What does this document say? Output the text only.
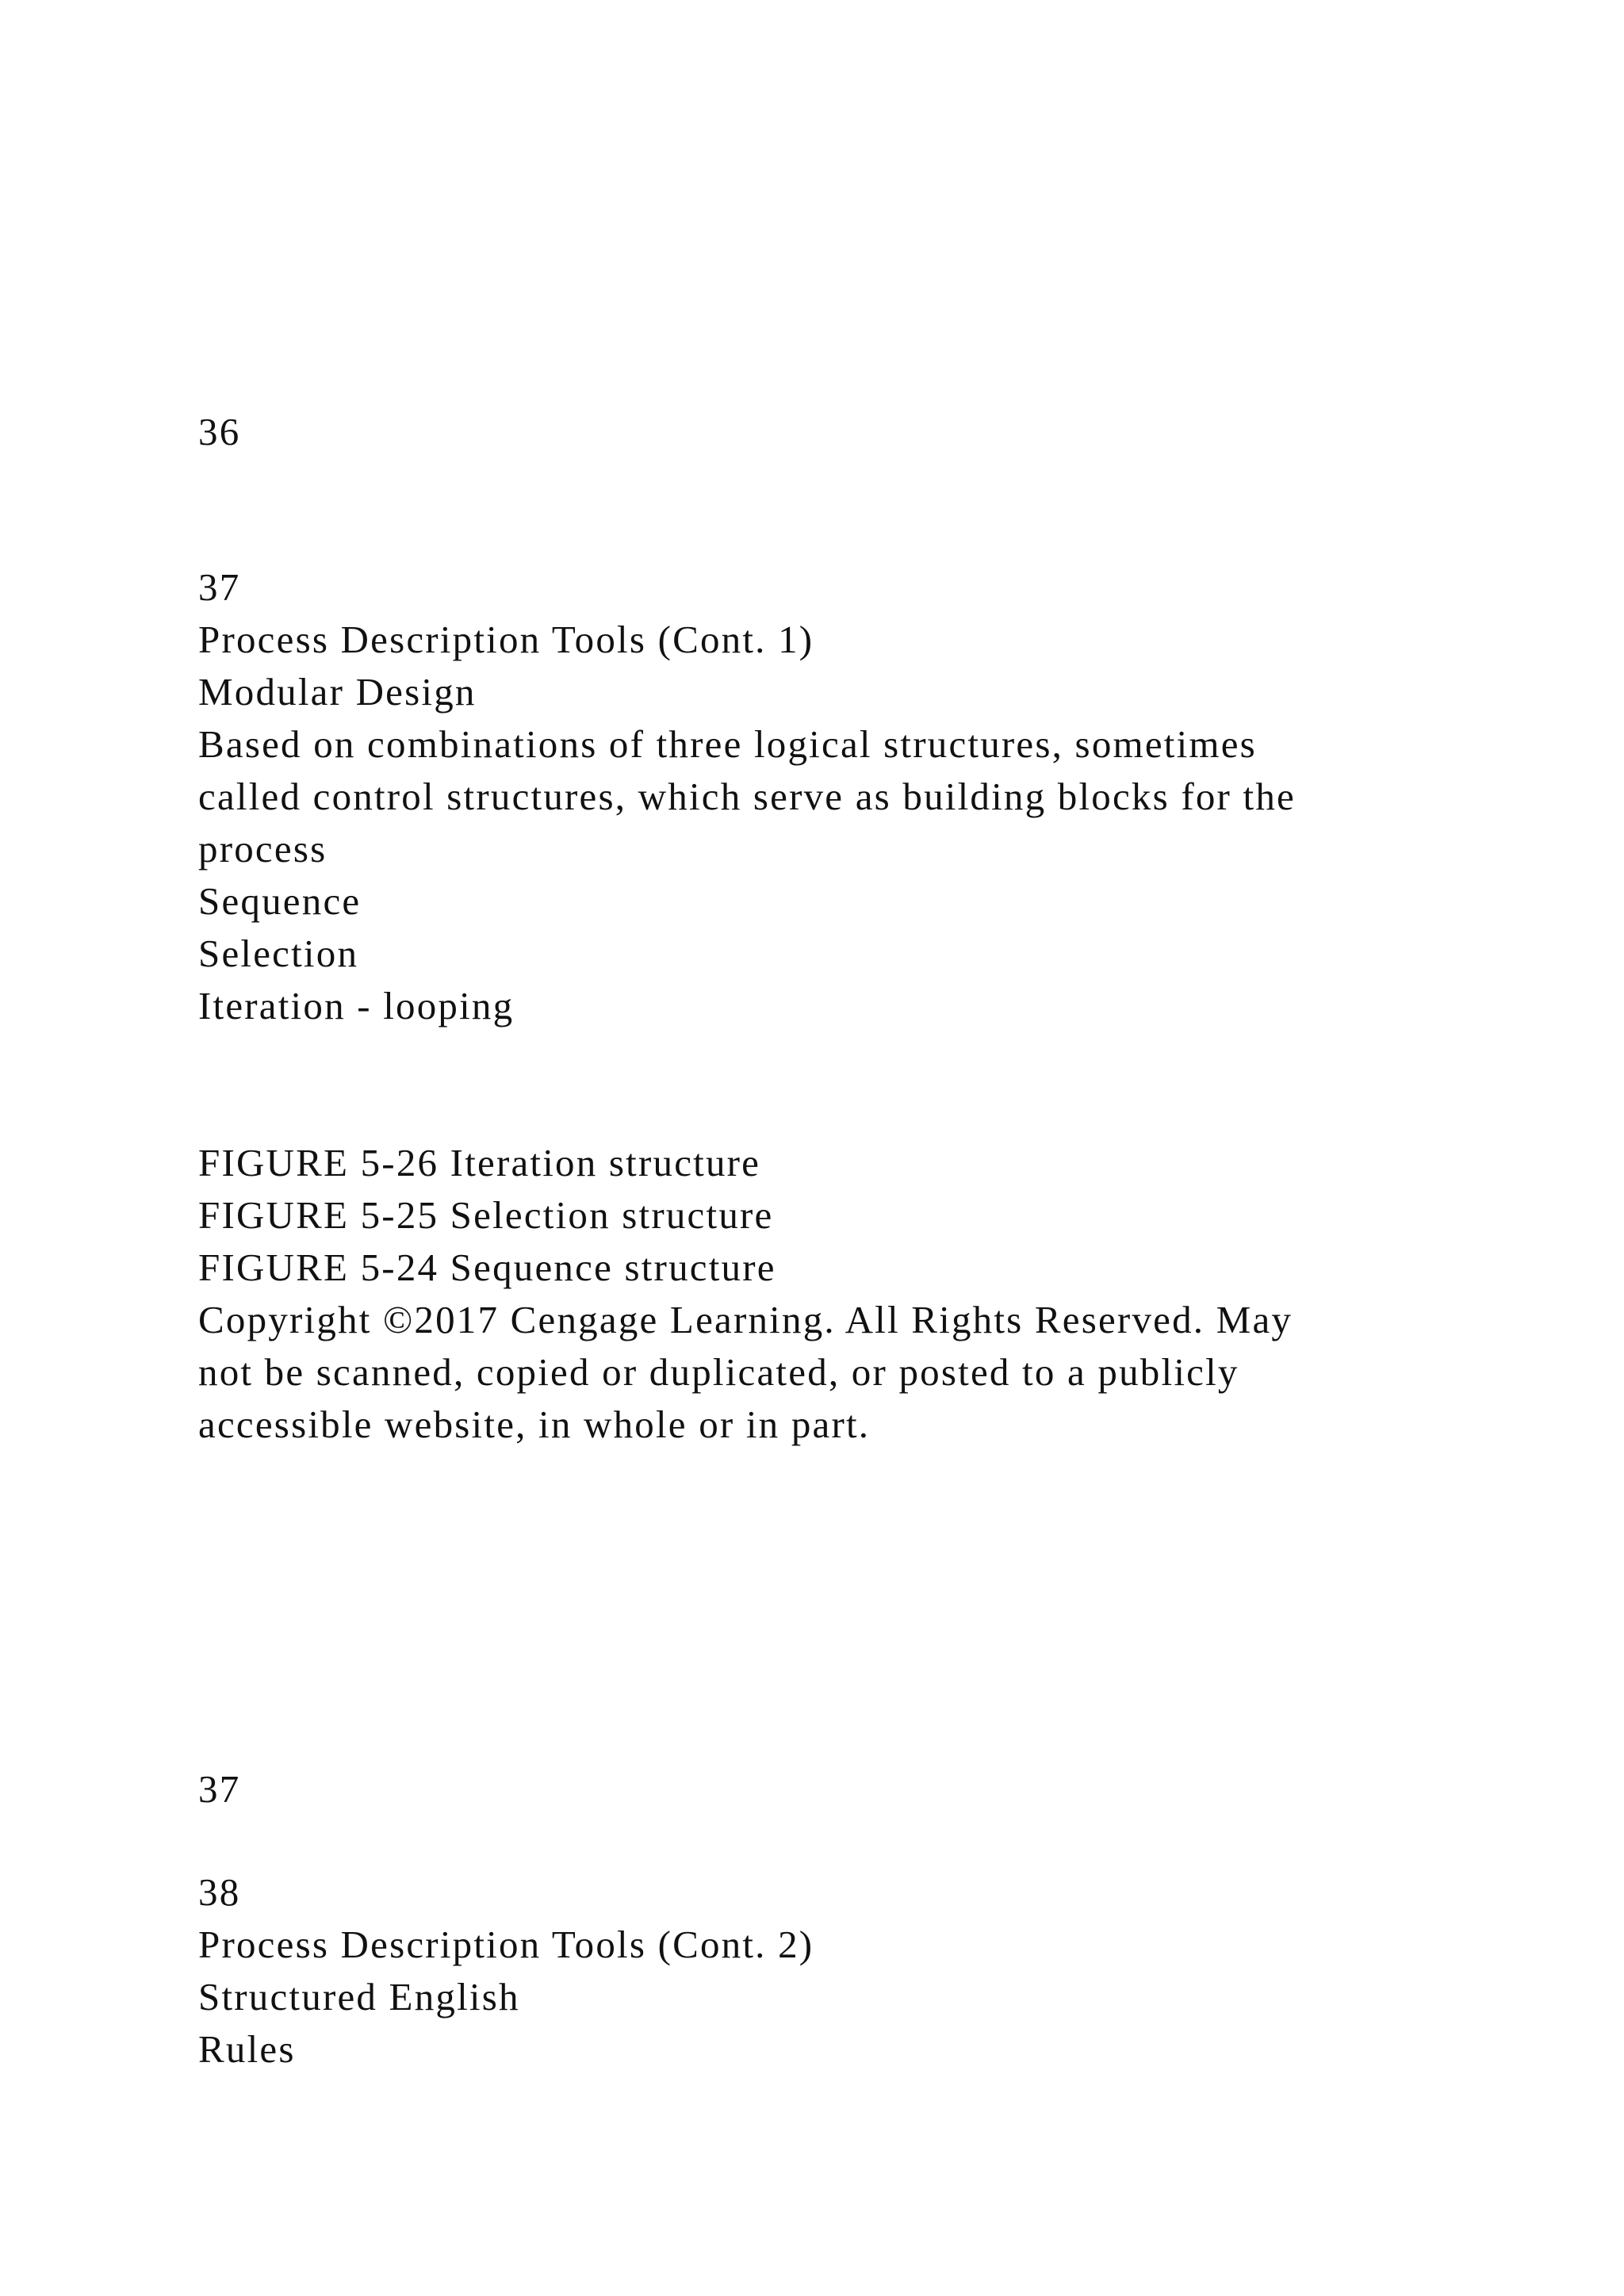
36
37
Process Description Tools (Cont. 1)
Modular Design
Based on combinations of three logical structures, sometimes
called control structures, which serve as building blocks for the
process
Sequence
Selection
Iteration - looping
FIGURE 5-26 Iteration structure
FIGURE 5-25 Selection structure
FIGURE 5-24 Sequence structure
Copyright ©2017 Cengage Learning. All Rights Reserved. May
not be scanned, copied or duplicated, or posted to a publicly
accessible website, in whole or in part.
37
38
Process Description Tools (Cont. 2)
Structured English
Rules
